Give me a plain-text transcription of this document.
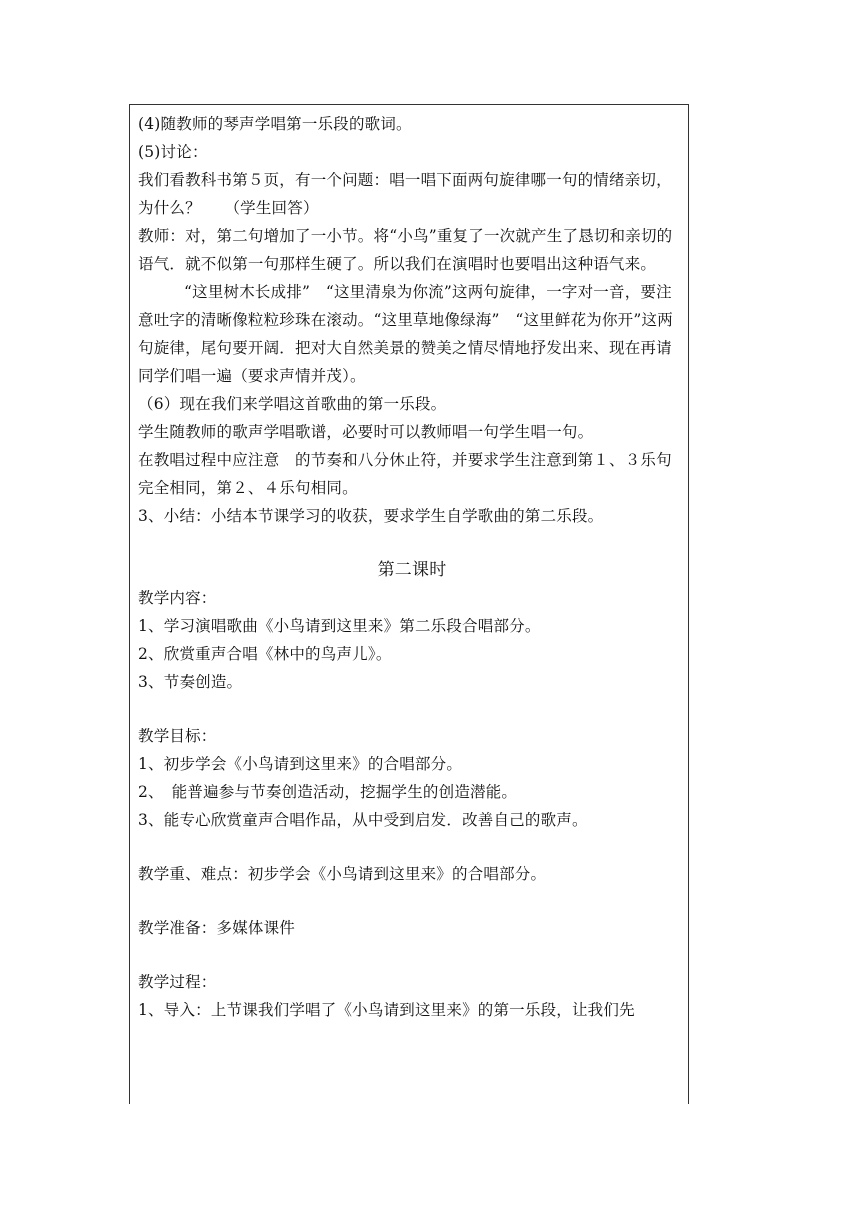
(4)随教师的琴声学唱第一乐段的歌词。

(5)讨论：

我们看教科书第５页，有一个问题：唱一唱下面两句旋律哪一句的情绪亲切，为什么？　　（学生回答）

教师：对，第二句增加了一小节。将“小鸟”重复了一次就产生了恳切和亲切的语气．就不似第一句那样生硬了。所以我们在演唱时也要唱出这种语气来。

“这里树木长成排”　“这里清泉为你流”这两句旋律，一字对一音，要注意吐字的清晰像粒粒珍珠在滚动。“这里草地像绿海”　“这里鲜花为你开”这两句旋律，尾句要开阔．把对大自然美景的赞美之情尽情地抒发出来、现在再请同学们唱一遍（要求声情并茂）。

（6）现在我们来学唱这首歌曲的第一乐段。

学生随教师的歌声学唱歌谱，必要时可以教师唱一句学生唱一句。

在教唱过程中应注意　的节奏和八分休止符，并要求学生注意到第１、３乐句完全相同，第２、４乐句相同。

3、小结：小结本节课学习的收获，要求学生自学歌曲的第二乐段。

第二课时

教学内容：

1、学习演唱歌曲《小鸟请到这里来》第二乐段合唱部分。

2、欣赏重声合唱《林中的鸟声儿》。

3、节奏创造。

教学目标：

1、初步学会《小鸟请到这里来》的合唱部分。

2、　能普遍参与节奏创造活动，挖掘学生的创造潜能。

3、能专心欣赏童声合唱作品，从中受到启发．改善自己的歌声。

教学重、难点：初步学会《小鸟请到这里来》的合唱部分。

教学准备：多媒体课件

教学过程：

1、导入：上节课我们学唱了《小鸟请到这里来》的第一乐段，让我们先
